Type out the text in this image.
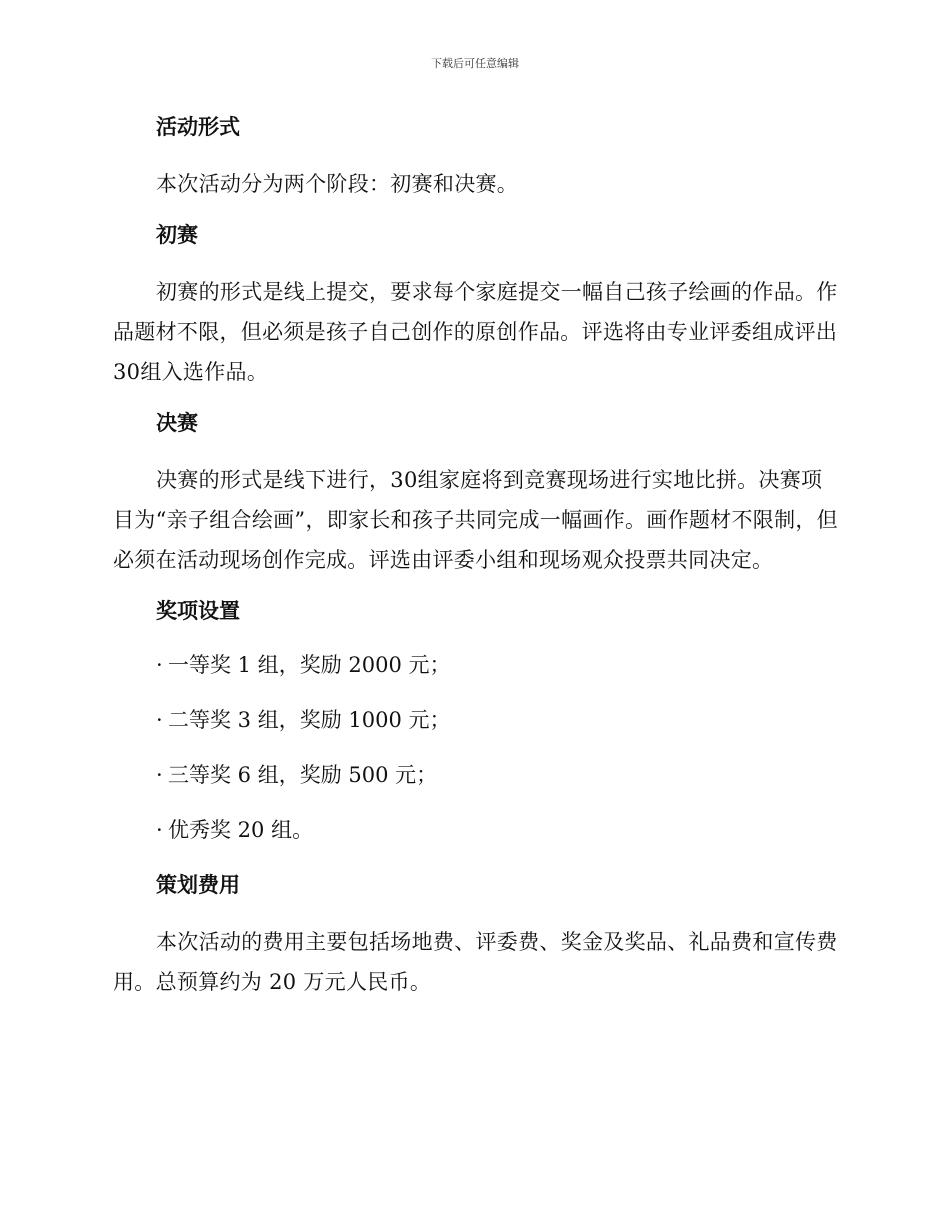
下载后可任意编辑
活动形式

本次活动分为两个阶段：初赛和决赛。

初赛

初赛的形式是线上提交，要求每个家庭提交一幅自己孩子绘画的作品。作品题材不限，但必须是孩子自己创作的原创作品。评选将由专业评委组成评出30组入选作品。

决赛

决赛的形式是线下进行，30组家庭将到竞赛现场进行实地比拼。决赛项目为“亲子组合绘画”，即家长和孩子共同完成一幅画作。画作题材不限制，但必须在活动现场创作完成。评选由评委小组和现场观众投票共同决定。

奖项设置
· 一等奖 1 组，奖励 2000 元；
· 二等奖 3 组，奖励 1000 元；
· 三等奖 6 组，奖励 500 元；
· 优秀奖 20 组。
策划费用

本次活动的费用主要包括场地费、评委费、奖金及奖品、礼品费和宣传费用。总预算约为 20 万元人民币。
